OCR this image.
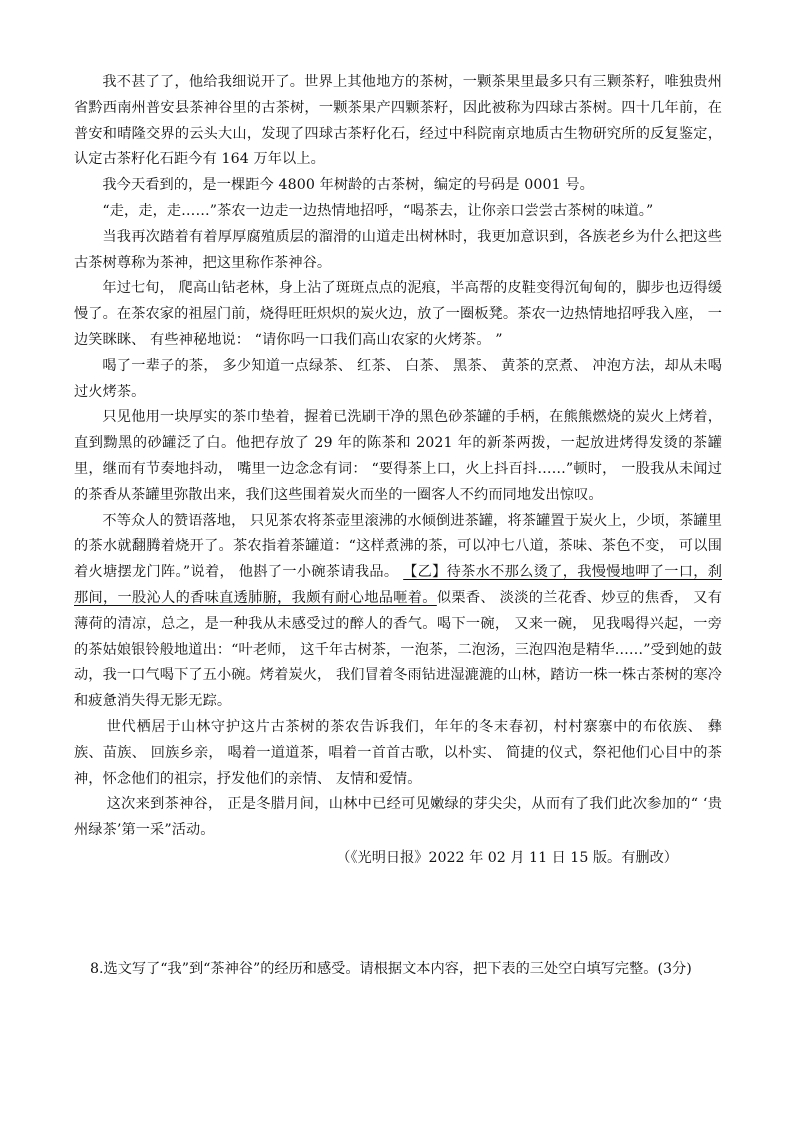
我不甚了了，他给我细说开了。世界上其他地方的茶树，一颗茶果里最多只有三颗茶籽，唯独贵州省黔西南州普安县茶神谷里的古茶树，一颗茶果产四颗茶籽，因此被称为四球古茶树。四十几年前，在普安和晴隆交界的云头大山，发现了四球古茶籽化石，经过中科院南京地质古生物研究所的反复鉴定，认定古茶籽化石距今有 164 万年以上。

我今天看到的，是一棵距今 4800 年树龄的古茶树，编定的号码是 0001 号。

“走，走，走……”茶农一边走一边热情地招呼，“喝茶去，让你亲口尝尝古茶树的味道。”

当我再次踏着有着厚厚腐殖质层的溜滑的山道走出树林时，我更加意识到，各族老乡为什么把这些古茶树尊称为茶神，把这里称作茶神谷。

年过七旬， 爬高山钻老林，身上沾了斑斑点点的泥痕，半高帮的皮鞋变得沉甸甸的，脚步也迈得缓慢了。在茶农家的祖屋门前，烧得旺旺炽炽的炭火边，放了一圈板凳。茶农一边热情地招呼我入座， 一边笑眯眯、 有些神秘地说： “请你吗一口我们高山农家的火烤茶。 ”

喝了一辈子的茶， 多少知道一点绿茶、 红茶、 白茶、 黑茶、 黄茶的烹煮、 冲泡方法，却从未喝过火烤茶。

只见他用一块厚实的茶巾垫着，握着已洗刷干净的黑色砂茶罐的手柄，在熊熊燃烧的炭火上烤着，直到黝黑的砂罐泛了白。他把存放了 29 年的陈茶和 2021 年的新茶两拨，一起放进烤得发烫的茶罐里，继而有节奏地抖动， 嘴里一边念念有词： “要得茶上口，火上抖百抖……”顿时， 一股我从未闻过的茶香从茶罐里弥散出来，我们这些围着炭火而坐的一圈客人不约而同地发出惊叹。

不等众人的赞语落地， 只见茶农将茶壶里滚沸的水倾倒进茶罐，将茶罐置于炭火上，少顷，茶罐里的茶水就翻腾着烧开了。茶农指着茶罐道：“这样煮沸的茶，可以冲七八道，茶味、茶色不变， 可以围着火塘摆龙门阵。”说着， 他斟了一小碗茶请我品。 【乙】待茶水不那么烫了，我慢慢地呷了一口，刹那间，一股沁人的香味直透肺腑，我颇有耐心地品咂着。似栗香、 淡淡的兰花香、炒豆的焦香， 又有薄荷的清凉，总之，是一种我从未感受过的醉人的香气。喝下一碗， 又来一碗， 见我喝得兴起，一旁的茶姑娘银铃般地道出：“叶老师， 这千年古树茶，一泡茶，二泡汤，三泡四泡是精华……”受到她的鼓动，我一口气喝下了五小碗。烤着炭火， 我们冒着冬雨钻进湿漉漉的山林，踏访一株一株古茶树的寒冷和疲惫消失得无影无踪。

世代栖居于山林守护这片古茶树的茶农告诉我们，年年的冬末春初，村村寨寨中的布依族、 彝族、苗族、 回族乡亲， 喝着一道道茶，唱着一首首古歌，以朴实、 简捷的仪式，祭祀他们心目中的茶神，怀念他们的祖宗，抒发他们的亲情、 友情和爱情。

这次来到茶神谷， 正是冬腊月间，山林中已经可见嫩绿的芽尖尖，从而有了我们此次参加的“ ‘贵州绿茶’第一采”活动。

（《光明日报》2022 年 02 月 11 日 15 版。有删改）

8.选文写了“我”到“茶神谷”的经历和感受。请根据文本内容，把下表的三处空白填写完整。(3分)
